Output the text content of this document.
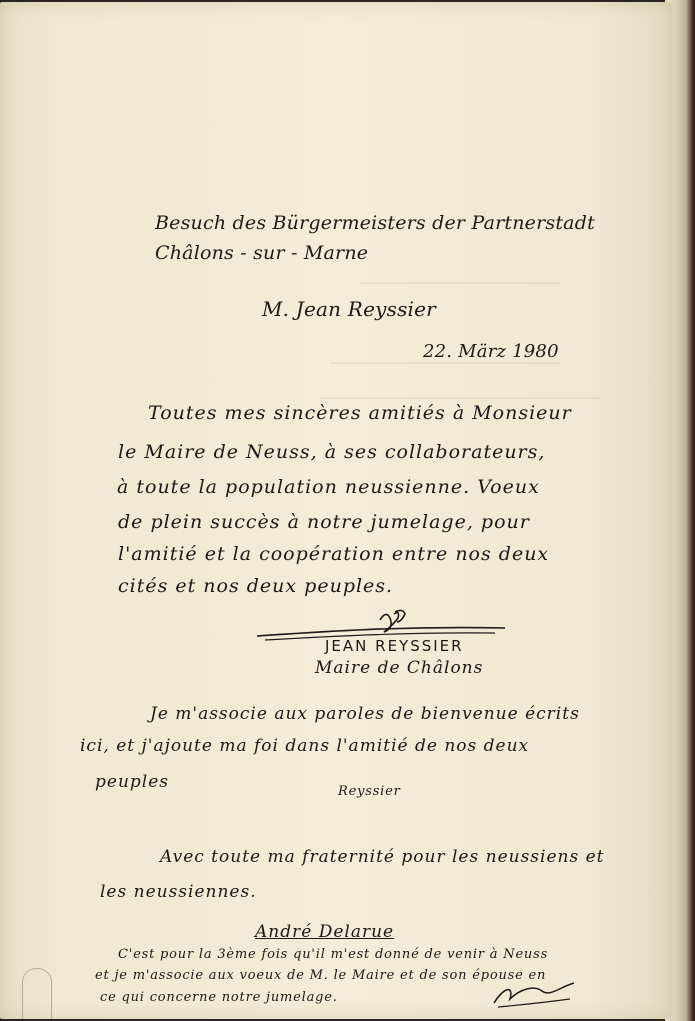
Besuch des Bürgermeisters der Partnerstadt
Châlons - sur - Marne
M. Jean Reyssier
22. März 1980
Toutes mes sincères amitiés à Monsieur
le Maire de Neuss, à ses collaborateurs,
à toute la population neussienne. Voeux
de plein succès à notre jumelage, pour
l'amitié et la coopération entre nos deux
cités et nos deux peuples.
JEAN REYSSIER
Maire de Châlons
Je m'associe aux paroles de bienvenue écrits
ici, et j'ajoute ma foi dans l'amitié de nos deux
peuples	Reyssier
Avec toute ma fraternité pour les neussiens et
les neussiennes.
André Delarue
C'est pour la 3ème fois qu'il m'est donné de venir à Neuss
et je m'associe aux voeux de M. le Maire et de son épouse en
ce qui concerne notre jumelage.
